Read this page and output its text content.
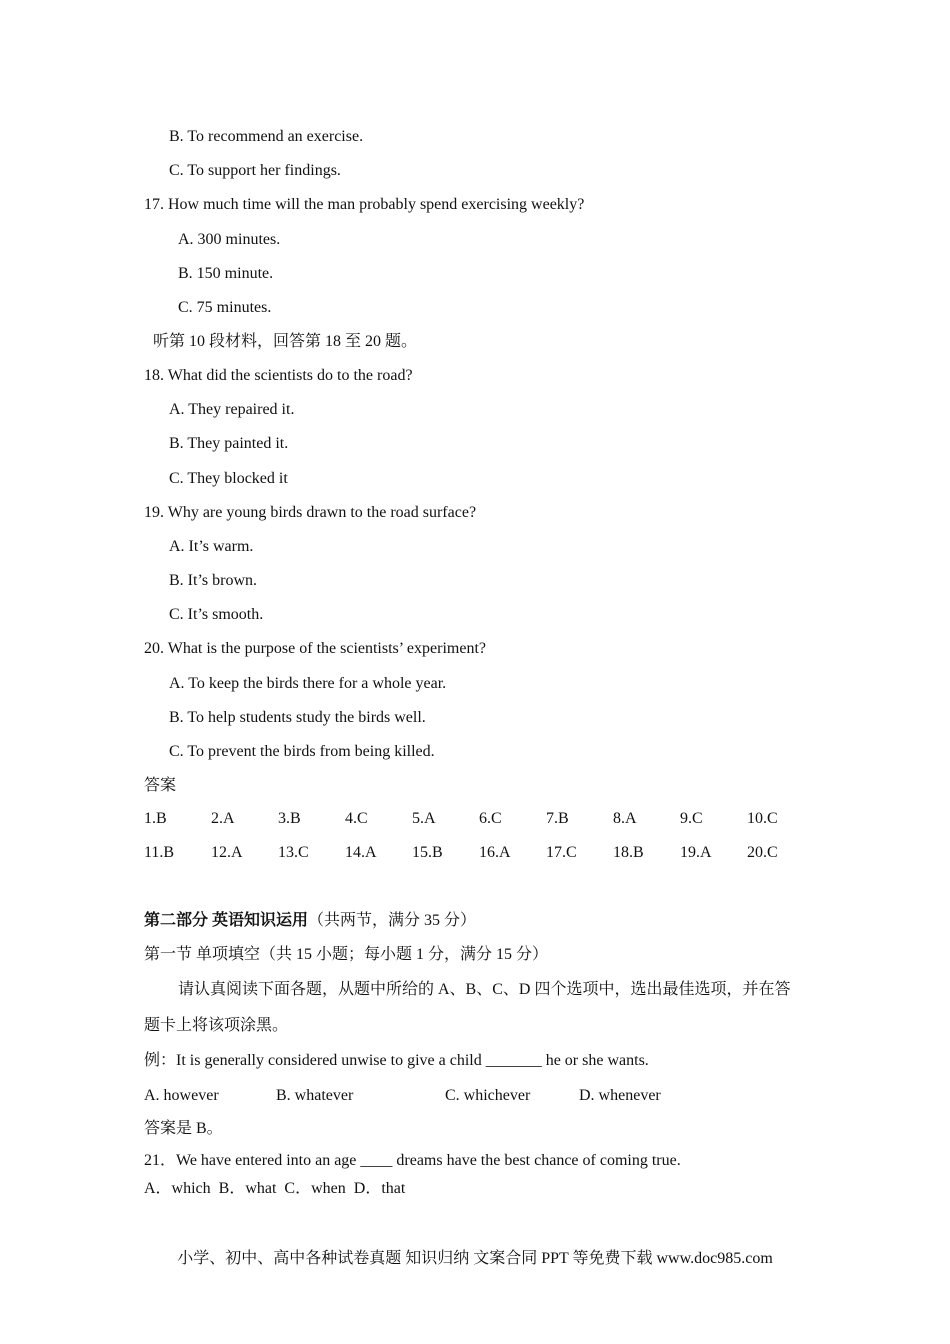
B. To recommend an exercise.
C. To support her findings.
17. How much time will the man probably spend exercising weekly?
A. 300 minutes.
B. 150 minute.
C. 75 minutes.
听第 10 段材料，回答第 18 至 20 题。
18. What did the scientists do to the road?
A. They repaired it.
B. They painted it.
C. They blocked it
19. Why are young birds drawn to the road surface?
A. It’s warm.
B. It’s brown.
C. It’s smooth.
20. What is the purpose of the scientists’ experiment?
A. To keep the birds there for a whole year.
B. To help students study the birds well.
C. To prevent the birds from being killed.
答案
1.B	2.A	3.B	4.C	5.A	6.C	7.B	8.A	9.C	10.C
11.B 12.A 13.C 14.A 15.B 16.A 17.C 18.B 19.A 20.C
第二部分 英语知识运用（共两节，满分 35 分）
第一节 单项填空（共 15 小题；每小题 1 分，满分 15 分）
请认真阅读下面各题，从题中所给的 A、B、C、D 四个选项中，选出最佳选项，并在答
题卡上将该项涂黑。
例：It is generally considered unwise to give a child _______ he or she wants.
A. however	B. whatever	C. whichever	D. whenever
答案是 B。
21．We have entered into an age ____ dreams have the best chance of coming true.
A．which  B．what  C．when  D．that
小学、初中、高中各种试卷真题 知识归纳 文案合同 PPT 等免费下载 www.doc985.com
